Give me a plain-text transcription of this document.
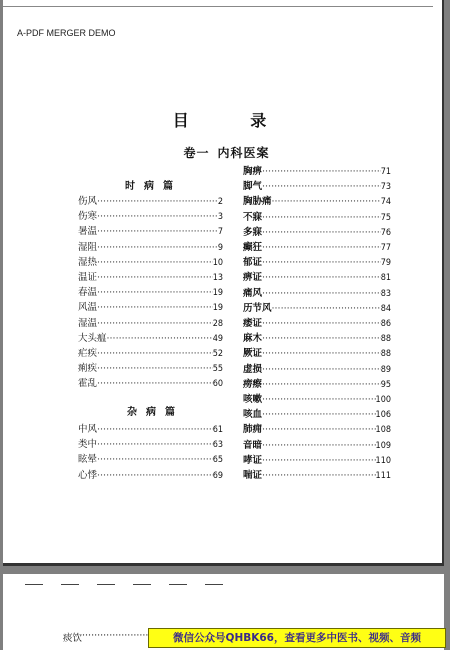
A-PDF MERGER DEMO
目 录
卷一 内科医案
时病篇
伤风 ·····	2
伤寒 ·····	3
暑温 ·····	7
湿阻 ·····	9
湿热 ·····	10
温证 ·····	13
春温 ·····	19
风温 ·····	19
湿温 ·····	28
大头瘟 ·····	49
疟疾 ·····	52
痢疾 ·····	55
霍乱 ·····	60
杂病篇
中风 ·····	61
类中 ·····	63
眩晕 ·····	65
心悸 ·····	69
胸痹 ·····	71
脚气 ·····	73
胸胁痛 ·····	74
不寐 ·····	75
多寐 ·····	76
癫狂 ·····	77
郁证 ·····	79
痹证 ·····	81
痛风 ·····	83
历节风 ·····	84
痿证 ·····	86
麻木 ·····	88
厥证 ·····	88
虚损 ·····	89
痨瘵 ·····	95
咳嗽 ·····	100
咳血 ·····	106
肺痈 ·····	108
音暗 ·····	109
哮证 ·····	110
喘证 ·····	111
痰饮 ·····	微信公众号QHBK66，查看更多中医书、视频、音频
